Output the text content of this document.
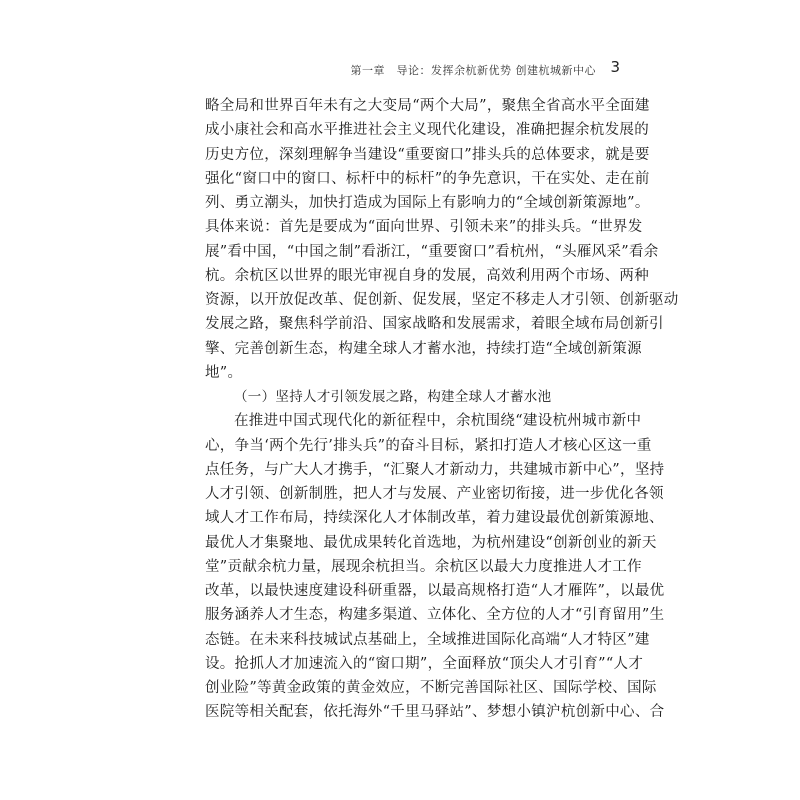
第一章　导论：发挥余杭新优势 创建杭城新中心 3
略全局和世界百年未有之大变局“两个大局”，聚焦全省高水平全面建
成小康社会和高水平推进社会主义现代化建设，准确把握余杭发展的
历史方位，深刻理解争当建设“重要窗口”排头兵的总体要求，就是要
强化“窗口中的窗口、标杆中的标杆”的争先意识，干在实处、走在前
列、勇立潮头，加快打造成为国际上有影响力的“全域创新策源地”。
具体来说：首先是要成为“面向世界、引领未来”的排头兵。“世界发
展”看中国，“中国之制”看浙江，“重要窗口”看杭州，“头雁风采”看余
杭。余杭区以世界的眼光审视自身的发展，高效利用两个市场、两种
资源，以开放促改革、促创新、促发展，坚定不移走人才引领、创新驱动
发展之路，聚焦科学前沿、国家战略和发展需求，着眼全域布局创新引
擎、完善创新生态，构建全球人才蓄水池，持续打造“全域创新策源
地”。
（一）坚持人才引领发展之路，构建全球人才蓄水池
在推进中国式现代化的新征程中，余杭围绕“建设杭州城市新中
心，争当‘两个先行’排头兵”的奋斗目标，紧扣打造人才核心区这一重
点任务，与广大人才携手，“汇聚人才新动力，共建城市新中心”，坚持
人才引领、创新制胜，把人才与发展、产业密切衔接，进一步优化各领
域人才工作布局，持续深化人才体制改革，着力建设最优创新策源地、
最优人才集聚地、最优成果转化首选地，为杭州建设“创新创业的新天
堂”贡献余杭力量，展现余杭担当。余杭区以最大力度推进人才工作
改革，以最快速度建设科研重器，以最高规格打造“人才雁阵”，以最优
服务涵养人才生态，构建多渠道、立体化、全方位的人才“引育留用”生
态链。在未来科技城试点基础上，全域推进国际化高端“人才特区”建
设。抢抓人才加速流入的“窗口期”，全面释放“顶尖人才引育”“人才
创业险”等黄金政策的黄金效应，不断完善国际社区、国际学校、国际
医院等相关配套，依托海外“千里马驿站”、梦想小镇沪杭创新中心、合
